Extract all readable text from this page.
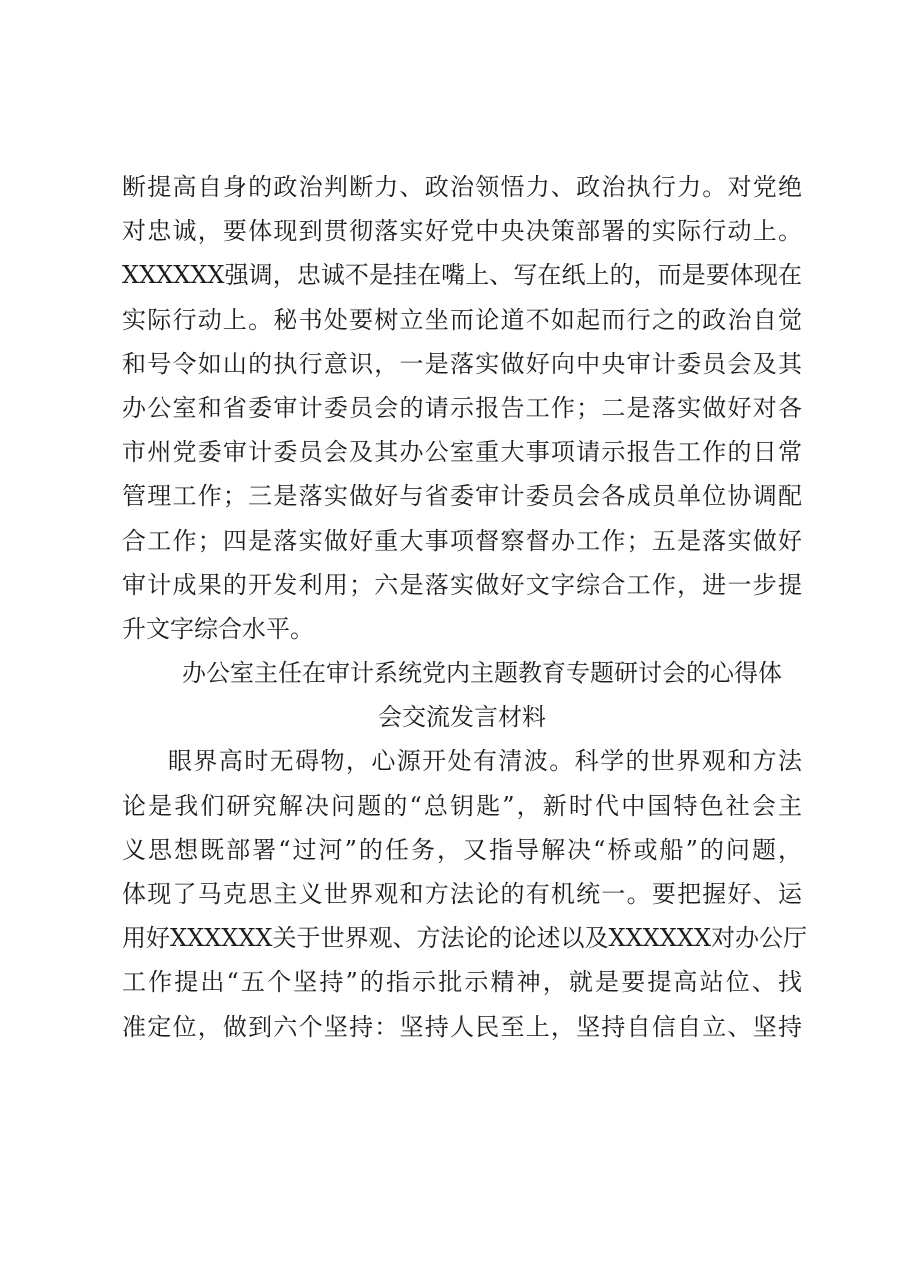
断提高自身的政治判断力、政治领悟力、政治执行力。对党绝
对忠诚，要体现到贯彻落实好党中央决策部署的实际行动上。
XXXXXX强调，忠诚不是挂在嘴上、写在纸上的，而是要体现在
实际行动上。秘书处要树立坐而论道不如起而行之的政治自觉
和号令如山的执行意识，一是落实做好向中央审计委员会及其
办公室和省委审计委员会的请示报告工作；二是落实做好对各
市州党委审计委员会及其办公室重大事项请示报告工作的日常
管理工作；三是落实做好与省委审计委员会各成员单位协调配
合工作；四是落实做好重大事项督察督办工作；五是落实做好
审计成果的开发利用；六是落实做好文字综合工作，进一步提
升文字综合水平。
办公室主任在审计系统党内主题教育专题研讨会的心得体
会交流发言材料
眼界高时无碍物，心源开处有清波。科学的世界观和方法
论是我们研究解决问题的“总钥匙”，新时代中国特色社会主
义思想既部署“过河”的任务，又指导解决“桥或船”的问题，
体现了马克思主义世界观和方法论的有机统一。要把握好、运
用好XXXXXX关于世界观、方法论的论述以及XXXXXX对办公厅
工作提出“五个坚持”的指示批示精神，就是要提高站位、找
准定位，做到六个坚持：坚持人民至上，坚持自信自立、坚持
